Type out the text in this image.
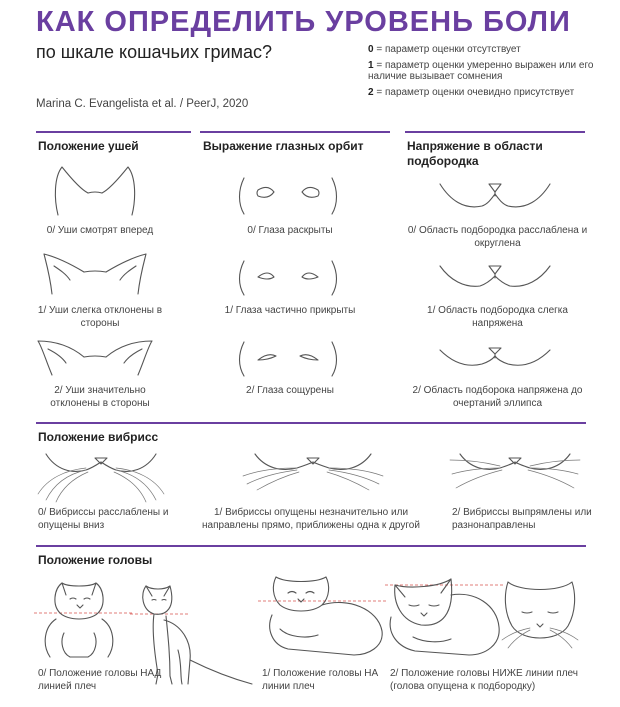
КАК ОПРЕДЕЛИТЬ УРОВЕНЬ БОЛИ
по шкале кошачьих гримас?
Marina C. Evangelista et al. / PeerJ, 2020

0 = параметр оценки отсутствует

1 = параметр оценки умеренно выражен или его наличие вызывает сомнения

2 = параметр оценки очевидно присутствует

Положение ушей	Выражение глазных орбит	Напряжение в области подбородка
0/ Уши смотрят вперед
1/ Уши слегка отклонены в стороны
2/ Уши значительно отклонены в стороны
0/ Глаза раскрыты
1/ Глаза частично прикрыты
2/ Глаза сощурены
0/ Область подбородка расслаблена и округлена
1/ Область подбородка слегка напряжена
2/ Область подборока напряжена до очертаний эллипса
Положение вибрисс
0/ Вибриссы расслаблены и опущены вниз
1/ Вибриссы опущены незначительно или направлены прямо, приближены одна к другой
2/ Вибриссы выпрямлены или разнонаправлены
Положение головы
0/ Положение головы НАД линией плеч
1/ Положение головы НА линии плеч
2/ Положение головы НИЖЕ линии плеч (голова опущена к подбородку)
